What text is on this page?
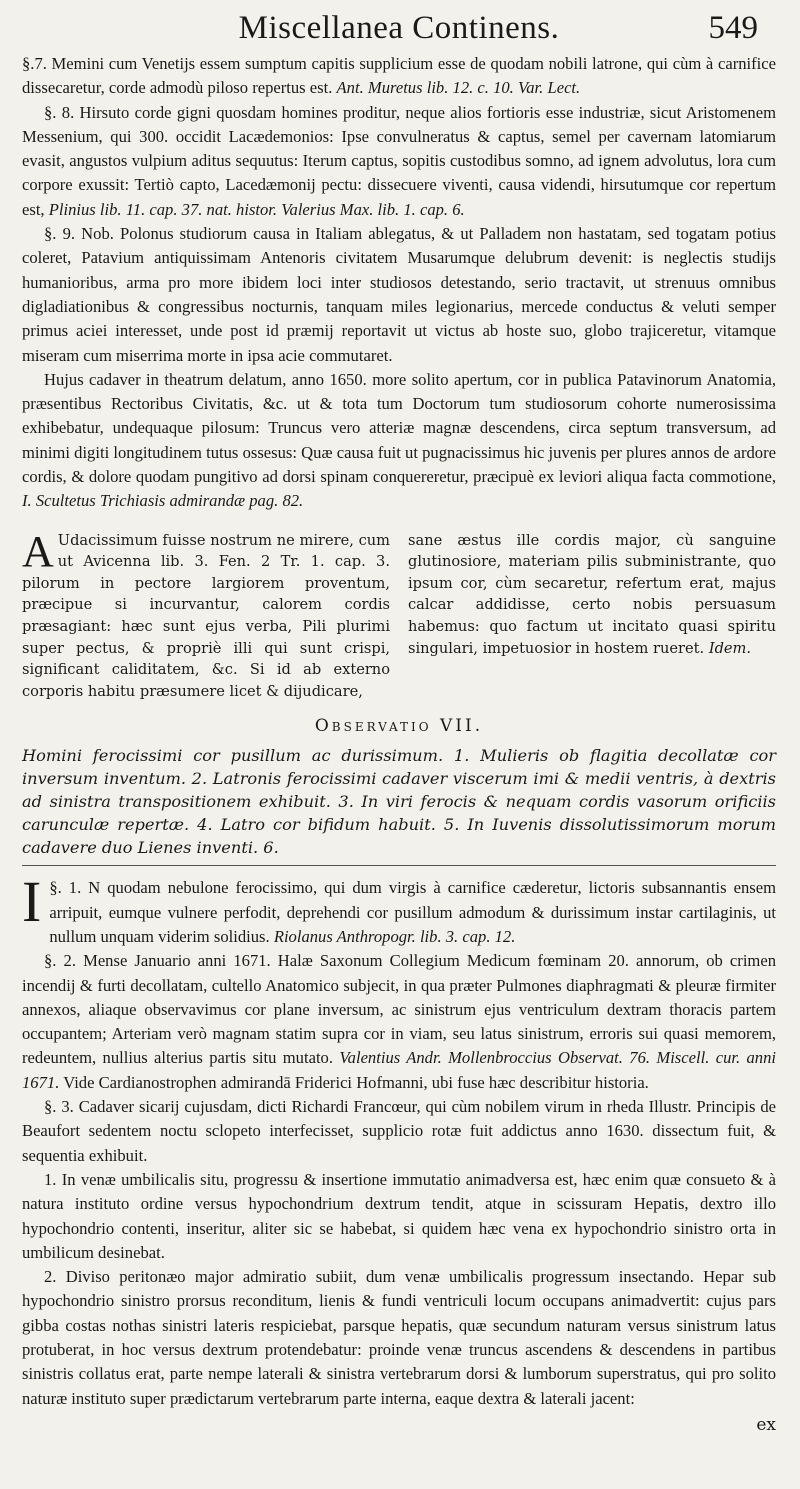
Miscellanea Continens.	549

§.7. Memini cum Venetijs essem sumptum capitis supplicium esse de quodam nobili latrone, qui cùm à carnifice dissecaretur, corde admodù piloso repertus est. Ant. Muretus lib. 12. c. 10. Var. Lect.

§. 8. Hirsuto corde gigni quosdam homines proditur, neque alios fortioris esse industriæ, sicut Aristomenem Messenium, qui 300. occidit Lacædemonios: Ipse convulneratus & captus, semel per cavernam latomiarum evasit, angustos vulpium aditus sequutus: Iterum captus, sopitis custodibus somno, ad ignem advolutus, lora cum corpore exussit: Tertiò capto, Lacedæmonij pectu: dissecuere viventi, causa videndi, hirsutumque cor repertum est, Plinius lib. 11. cap. 37. nat. histor. Valerius Max. lib. 1. cap. 6.

§. 9. Nob. Polonus studiorum causa in Italiam ablegatus, & ut Palladem non hastatam, sed togatam potius coleret, Patavium antiquissimam Antenoris civitatem Musarumque delubrum devenit: is neglectis studijs humanioribus, arma pro more ibidem loci inter studiosos detestando, serio tractavit, ut strenuus omnibus digladiationibus & congressibus nocturnis, tanquam miles legionarius, mercede conductus & veluti semper primus aciei interesset, unde post id præmij reportavit ut victus ab hoste suo, globo trajiceretur, vitamque miseram cum miserrima morte in ipsa acie commutaret.

Hujus cadaver in theatrum delatum, anno 1650. more solito apertum, cor in publica Patavinorum Anatomia, præsentibus Rectoribus Civitatis, &c. ut & tota tum Doctorum tum studiosorum cohorte numerosissima exhibebatur, undequaque pilosum: Truncus vero atteriæ magnæ descendens, circa septum transversum, ad minimi digiti longitudinem tutus ossesus: Quæ causa fuit ut pugnacissimus hic juvenis per plures annos de ardore cordis, & dolore quodam pungitivo ad dorsi spinam conquereretur, præcipuè ex leviori aliqua facta commotione, I. Scultetus Trichiasis admirandæ pag. 82.

A Udacissimum fuisse nostrum ne mirere, cum ut Avicenna lib. 3. Fen. 2 Tr. 1. cap. 3. pilorum in pectore largiorem proventum, præcipue si incurvantur, calorem cordis præsagiant: hæc sunt ejus verba, Pili plurimi super pectus, & propriè illi qui sunt crispi, significant caliditatem, &c. Si id ab externo corporis habitu præsumere licet & dijudicare,
sane æstus ille cordis major, cù sanguine glutinosiore, materiam pilis subministrante, quo ipsum cor, cùm secaretur, refertum erat, majus calcar addidisse, certo nobis persuasum habemus: quo factum ut incitato quasi spiritu singulari, impetuosior in hostem rueret. Idem.
Observatio VII.
Homini ferocissimi cor pusillum ac durissimum. 1. Mulieris ob flagitia decollatæ cor inversum inventum. 2. Latronis ferocissimi cadaver viscerum imi & medii ventris, à dextris ad sinistra transpositionem exhibuit. 3. In viri ferocis & nequam cordis vasorum orificiis carunculæ repertæ. 4. Latro cor bifidum habuit. 5. In Iuvenis dissolutissimorum morum cadavere duo Lienes inventi. 6.

§. 1.
I	N quodam nebulone ferocissimo, qui dum virgis à carnifice cæderetur, lictoris subsannantis ensem arripuit, eumque vulnere perfodit, deprehendi cor pusillum admodum & durissimum instar cartilaginis, ut nullum unquam viderim solidius. Riolanus Anthropogr. lib. 3. cap. 12.

§. 2. Mense Januario anni 1671. Halæ Saxonum Collegium Medicum fœminam 20. annorum, ob crimen incendij & furti decollatam, cultello Anatomico subjecit, in qua præter Pulmones diaphragmati & pleuræ firmiter annexos, aliaque observavimus cor plane inversum, ac sinistrum ejus ventriculum dextram thoracis partem occupantem; Arteriam verò magnam statim supra cor in viam, seu latus sinistrum, erroris sui quasi memorem, redeuntem, nullius alterius partis situ mutato. Valentius Andr. Mollenbroccius Observat. 76. Miscell. cur. anni 1671. Vide Cardianostrophen admirandā Friderici Hofmanni, ubi fuse hæc describitur historia.

§. 3. Cadaver sicarij cujusdam, dicti Richardi Francœur, qui cùm nobilem virum in rheda Illustr. Principis de Beaufort sedentem noctu sclopeto interfecisset, supplicio rotæ fuit addictus anno 1630. dissectum fuit, & sequentia exhibuit.

1. In venæ umbilicalis situ, progressu & insertione immutatio animadversa est, hæc enim quæ consueto & à natura instituto ordine versus hypochondrium dextrum tendit, atque in scissuram Hepatis, dextro illo hypochondrio contenti, inseritur, aliter sic se habebat, si quidem hæc vena ex hypochondrio sinistro orta in umbilicum desinebat.

2. Diviso peritonæo major admiratio subiit, dum venæ umbilicalis progressum insectando. Hepar sub hypochondrio sinistro prorsus reconditum, lienis & fundi ventriculi locum occupans animadvertit: cujus pars gibba costas nothas sinistri lateris respiciebat, parsque hepatis, quæ secundum naturam versus sinistrum latus protuberat, in hoc versus dextrum protendebatur: proinde venæ truncus ascendens & descendens in partibus sinistris collatus erat, parte nempe laterali & sinistra vertebrarum dorsi & lumborum superstratus, qui pro solito naturæ instituto super prædictarum vertebrarum parte interna, eaque dextra & laterali jacent:

ex
